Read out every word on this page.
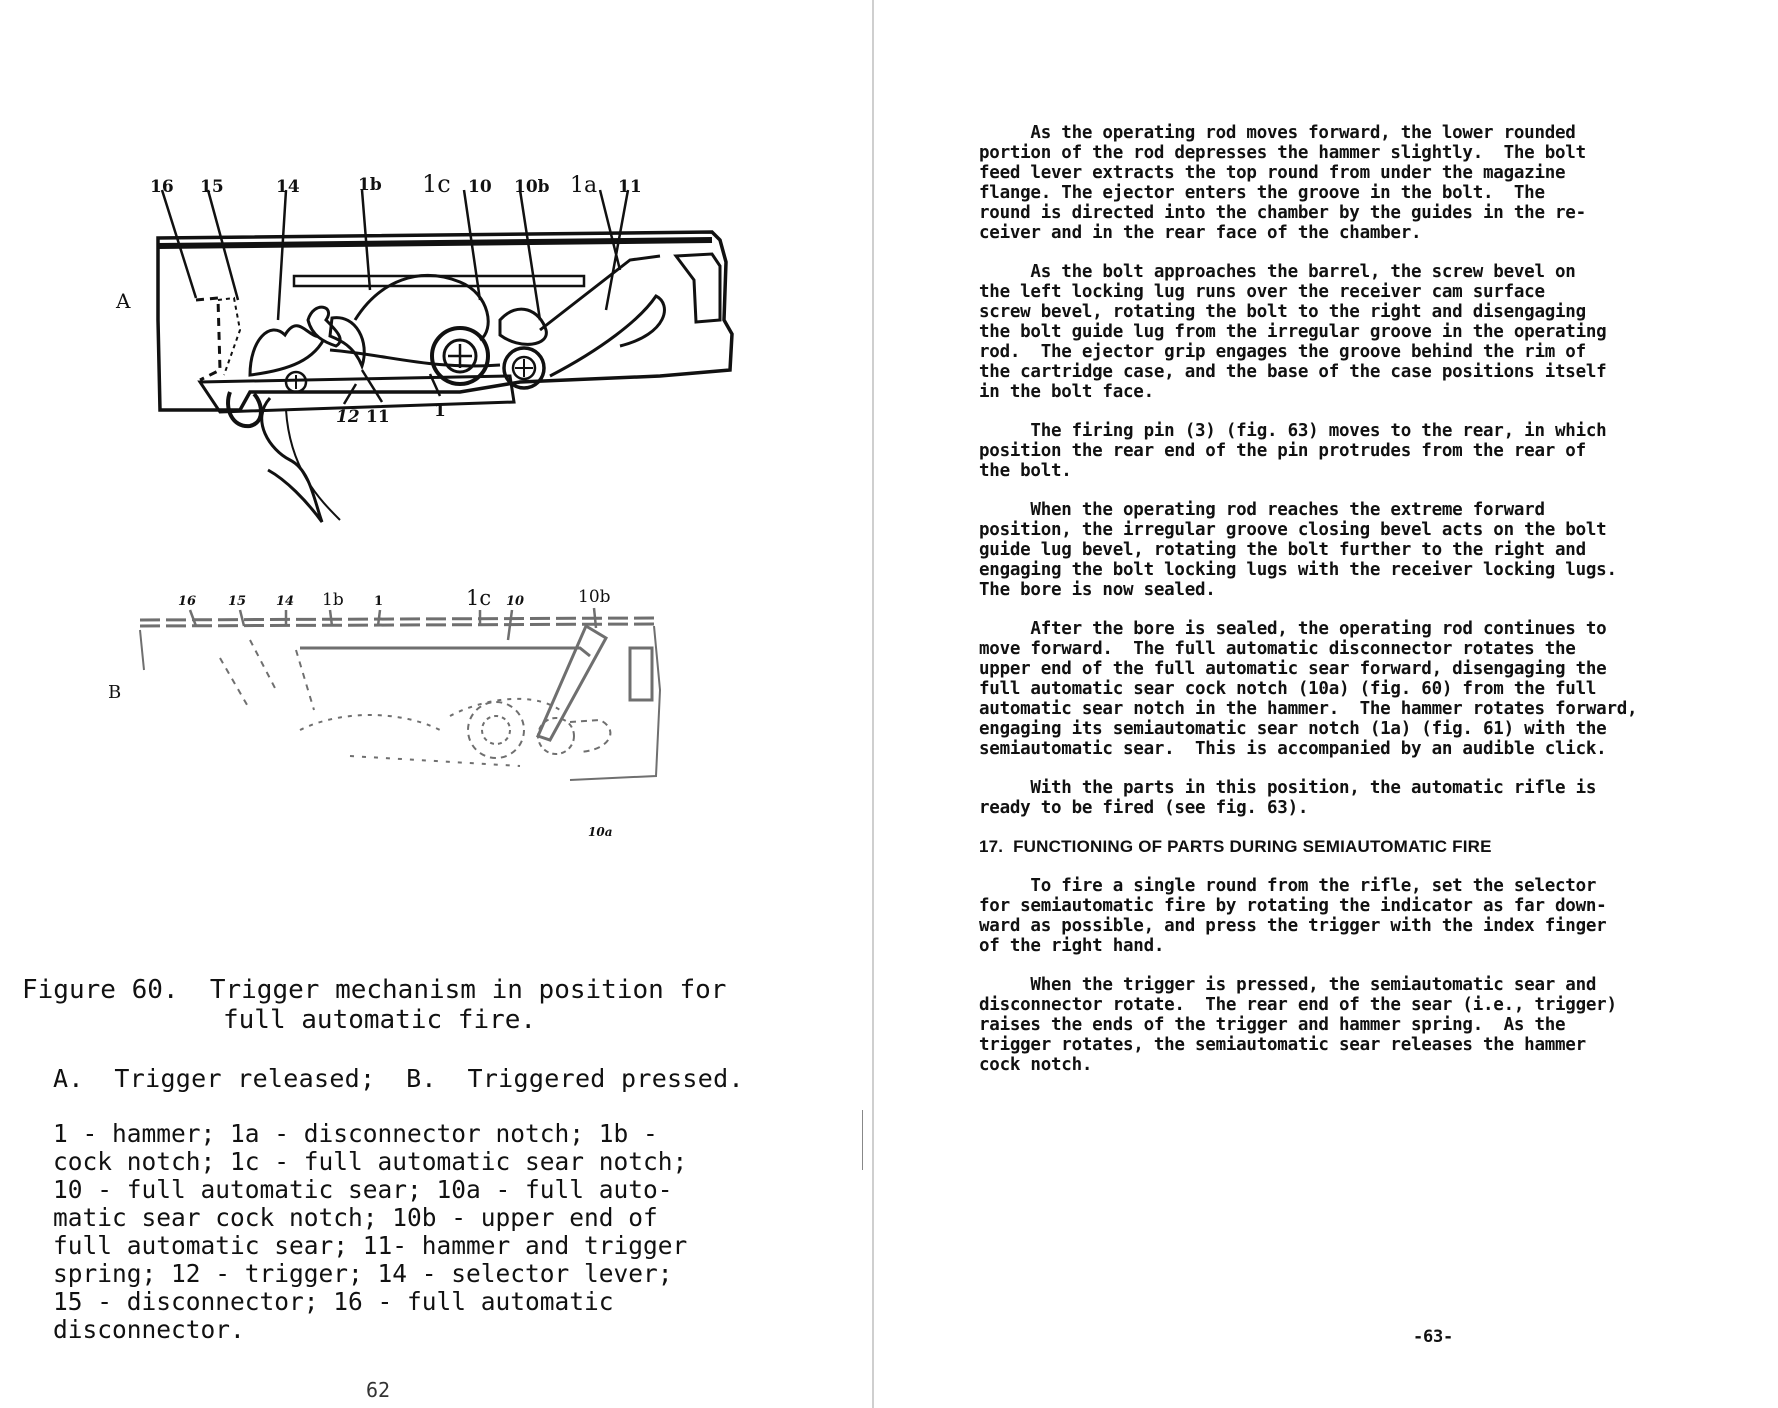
A
16 15	14	1b 1c 10 10b 1a 11
12 11	1
B
16 15 14 1b 1	1c 10	10b
10a
Figure 60.  Trigger mechanism in position for
full automatic fire.
A.  Trigger released;  B.  Triggered pressed.
1 - hammer; 1a - disconnector notch; 1b -
cock notch; 1c - full automatic sear notch;
10 - full automatic sear; 10a - full auto-
matic sear cock notch; 10b - upper end of
full automatic sear; 11- hammer and trigger
spring; 12 - trigger; 14 - selector lever;
15 - disconnector; 16 - full automatic
disconnector.
62
As the operating rod moves forward, the lower rounded
portion of the rod depresses the hammer slightly.  The bolt
feed lever extracts the top round from under the magazine
flange. The ejector enters the groove in the bolt.  The
round is directed into the chamber by the guides in the re-
ceiver and in the rear face of the chamber.
As the bolt approaches the barrel, the screw bevel on
the left locking lug runs over the receiver cam surface
screw bevel, rotating the bolt to the right and disengaging
the bolt guide lug from the irregular groove in the operating
rod.  The ejector grip engages the groove behind the rim of
the cartridge case, and the base of the case positions itself
in the bolt face.
The firing pin (3) (fig. 63) moves to the rear, in which
position the rear end of the pin protrudes from the rear of
the bolt.
When the operating rod reaches the extreme forward
position, the irregular groove closing bevel acts on the bolt
guide lug bevel, rotating the bolt further to the right and
engaging the bolt locking lugs with the receiver locking lugs.
The bore is now sealed.
After the bore is sealed, the operating rod continues to
move forward.  The full automatic disconnector rotates the
upper end of the full automatic sear forward, disengaging the
full automatic sear cock notch (10a) (fig. 60) from the full
automatic sear notch in the hammer.  The hammer rotates forward,
engaging its semiautomatic sear notch (1a) (fig. 61) with the
semiautomatic sear.  This is accompanied by an audible click.
With the parts in this position, the automatic rifle is
ready to be fired (see fig. 63).
17.  FUNCTIONING OF PARTS DURING SEMIAUTOMATIC FIRE
To fire a single round from the rifle, set the selector
for semiautomatic fire by rotating the indicator as far down-
ward as possible, and press the trigger with the index finger
of the right hand.
When the trigger is pressed, the semiautomatic sear and
disconnector rotate.  The rear end of the sear (i.e., trigger)
raises the ends of the trigger and hammer spring.  As the
trigger rotates, the semiautomatic sear releases the hammer
cock notch.
-63-
